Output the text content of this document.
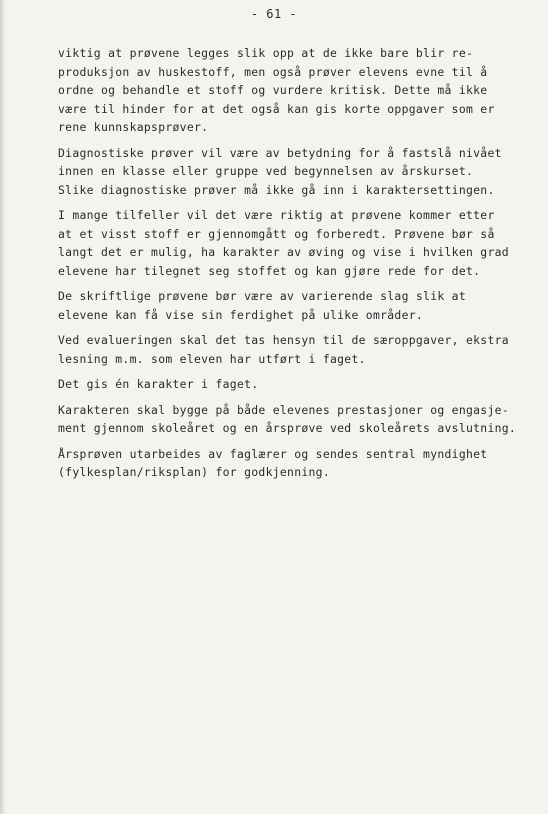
- 61 -
viktig at prøvene legges slik opp at de ikke bare blir re-
produksjon av huskestoff, men også prøver elevens evne til å
ordne og behandle et stoff og vurdere kritisk. Dette må ikke
være til hinder for at det også kan gis korte oppgaver som er
rene kunnskapsprøver.
Diagnostiske prøver vil være av betydning for å fastslå nivået
innen en klasse eller gruppe ved begynnelsen av årskurset.
Slike diagnostiske prøver må ikke gå inn i karaktersettingen.
I mange tilfeller vil det være riktig at prøvene kommer etter
at et visst stoff er gjennomgått og forberedt. Prøvene bør så
langt det er mulig, ha karakter av øving og vise i hvilken grad
elevene har tilegnet seg stoffet og kan gjøre rede for det.
De skriftlige prøvene bør være av varierende slag slik at
elevene kan få vise sin ferdighet på ulike områder.
Ved evalueringen skal det tas hensyn til de særoppgaver, ekstra
lesning m.m. som eleven har utført i faget.
Det gis én karakter i faget.
Karakteren skal bygge på både elevenes prestasjoner og engasje-
ment gjennom skoleåret og en årsprøve ved skoleårets avslutning.
Årsprøven utarbeides av faglærer og sendes sentral myndighet
(fylkesplan/riksplan) for godkjenning.
